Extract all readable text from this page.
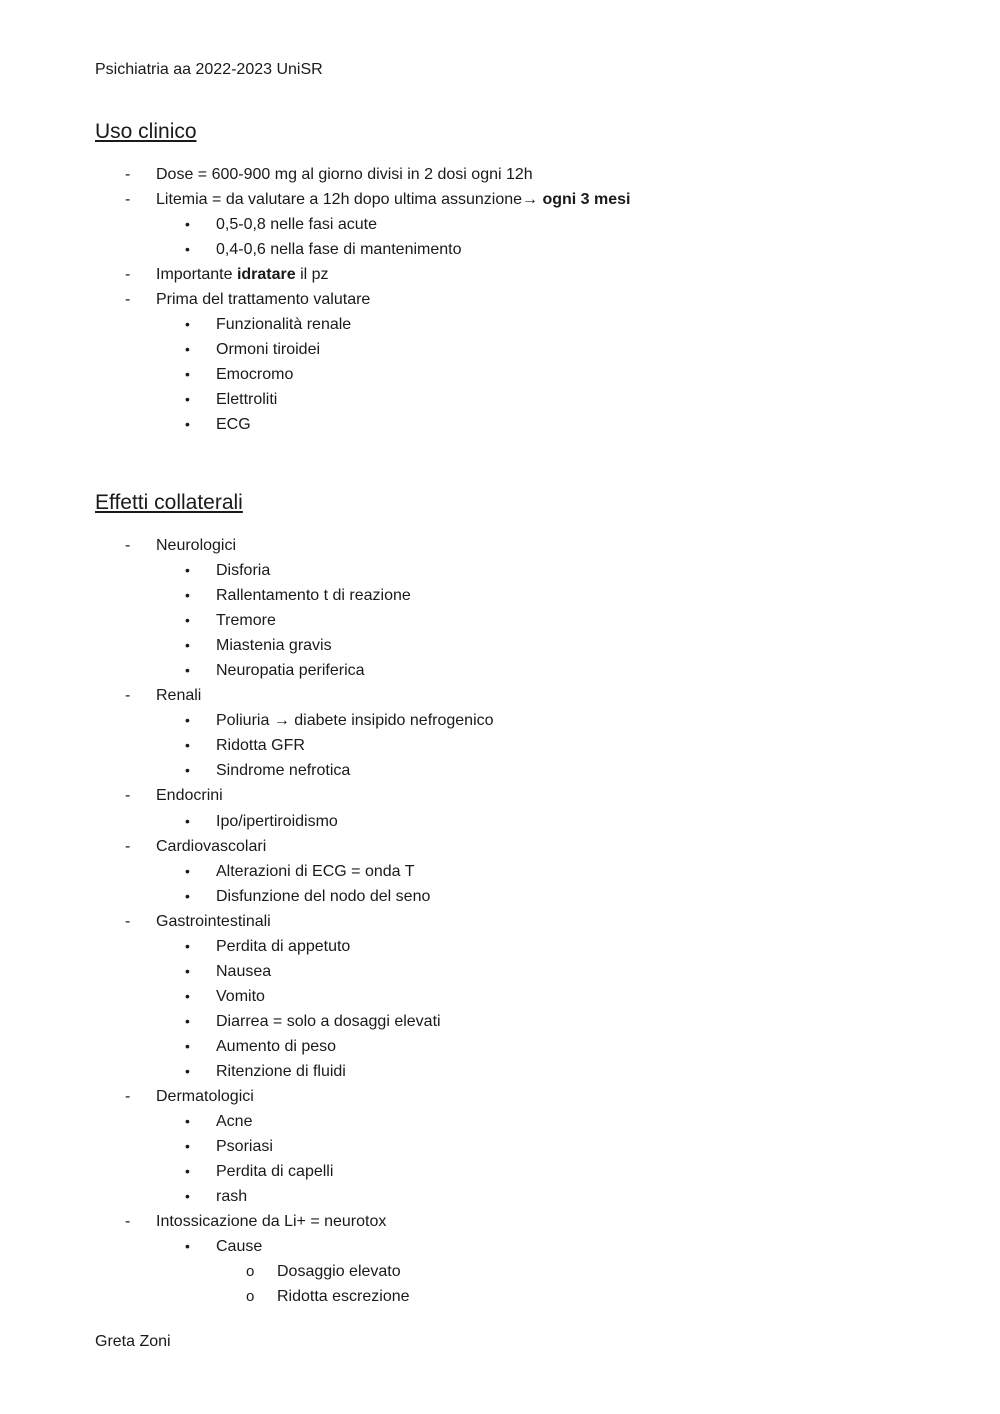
Psichiatria aa 2022-2023 UniSR
Uso clinico
- Dose = 600-900 mg al giorno divisi in 2 dosi ogni 12h
- Litemia = da valutare a 12h dopo ultima assunzione→ ogni 3 mesi
• 0,5-0,8 nelle fasi acute
• 0,4-0,6 nella fase di mantenimento
- Importante idratare il pz
- Prima del trattamento valutare
• Funzionalità renale
• Ormoni tiroidei
• Emocromo
• Elettroliti
• ECG
Effetti collaterali
- Neurologici
• Disforia
• Rallentamento t di reazione
• Tremore
• Miastenia gravis
• Neuropatia periferica
- Renali
• Poliuria → diabete insipido nefrogenico
• Ridotta GFR
• Sindrome nefrotica
- Endocrini
• Ipo/ipertiroidismo
- Cardiovascolari
• Alterazioni di ECG = onda T
• Disfunzione del nodo del seno
- Gastrointestinali
• Perdita di appetuto
• Nausea
• Vomito
• Diarrea = solo a dosaggi elevati
• Aumento di peso
• Ritenzione di fluidi
- Dermatologici
• Acne
• Psoriasi
• Perdita di capelli
• rash
- Intossicazione da Li+ = neurotox
• Cause
o Dosaggio elevato
o Ridotta escrezione
Greta Zoni
